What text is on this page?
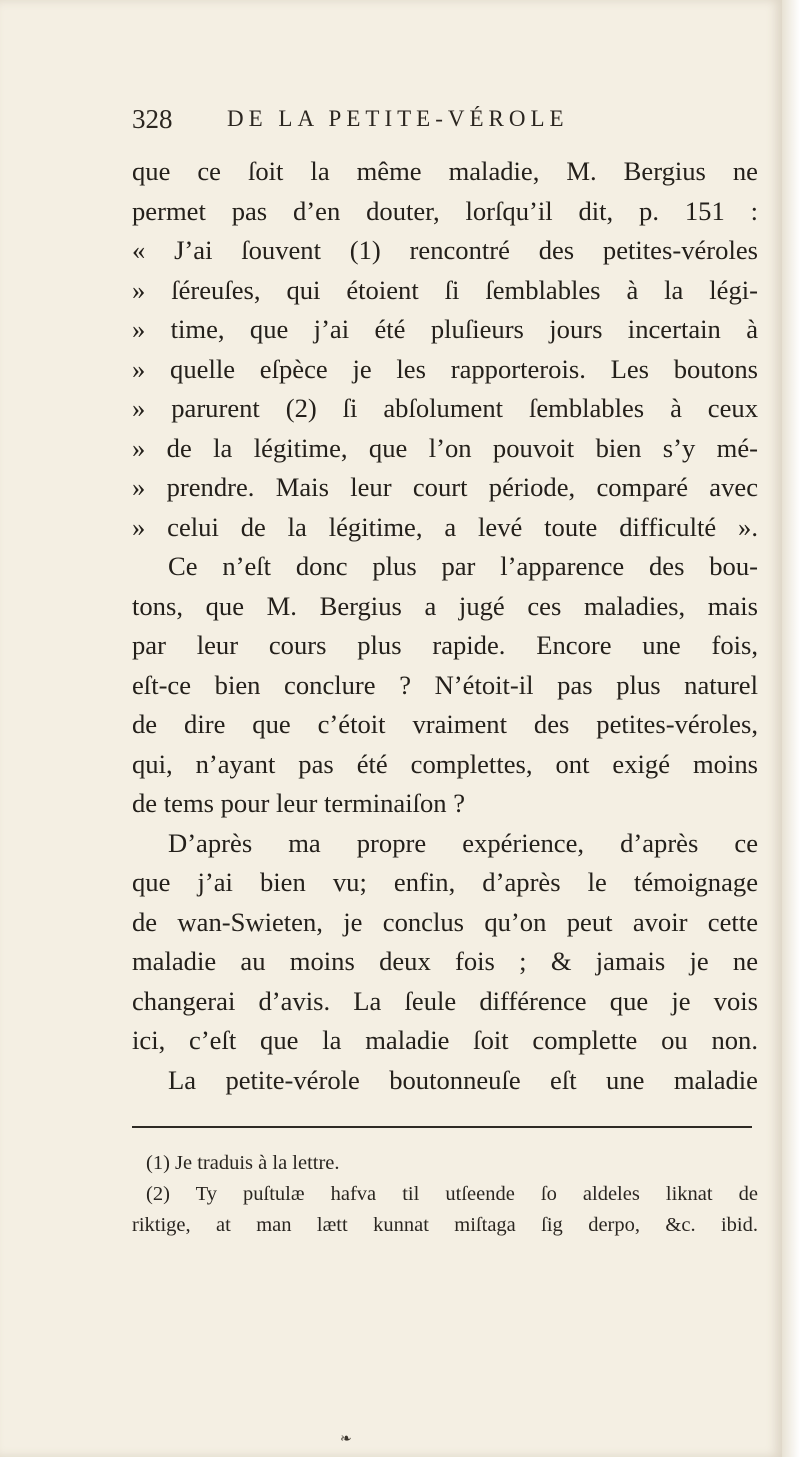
328 DE LA PETITE-VÉROLE
que ce ſoit la même maladie, M. Bergius ne
permet pas d’en douter, lorſqu’il dit, p. 151 :
« J’ai ſouvent (1) rencontré des petites-véroles
» ſéreuſes, qui étoient ſi ſemblables à la légi-
» time, que j’ai été pluſieurs jours incertain à
» quelle eſpèce je les rapporterois. Les boutons
» parurent (2) ſi abſolument ſemblables à ceux
» de la légitime, que l’on pouvoit bien s’y mé-
» prendre. Mais leur court période, comparé avec
» celui de la légitime, a levé toute difficulté ».
Ce n’eſt donc plus par l’apparence des bou-
tons, que M. Bergius a jugé ces maladies, mais
par leur cours plus rapide. Encore une fois,
eſt-ce bien conclure ? N’étoit-il pas plus naturel
de dire que c’étoit vraiment des petites-véroles,
qui, n’ayant pas été complettes, ont exigé moins
de tems pour leur terminaiſon ?
D’après ma propre expérience, d’après ce
que j’ai bien vu; enfin, d’après le témoignage
de wan-Swieten, je conclus qu’on peut avoir cette
maladie au moins deux fois ; & jamais je ne
changerai d’avis. La ſeule différence que je vois
ici, c’eſt que la maladie ſoit complette ou non.
La petite-vérole boutonneuſe eſt une maladie
(1) Je traduis à la lettre.
(2) Ty puſtulæ hafva til utſeende ſo aldeles liknat de
riktige, at man lætt kunnat miſtaga ſig derpo, &c. ibid.
❧
